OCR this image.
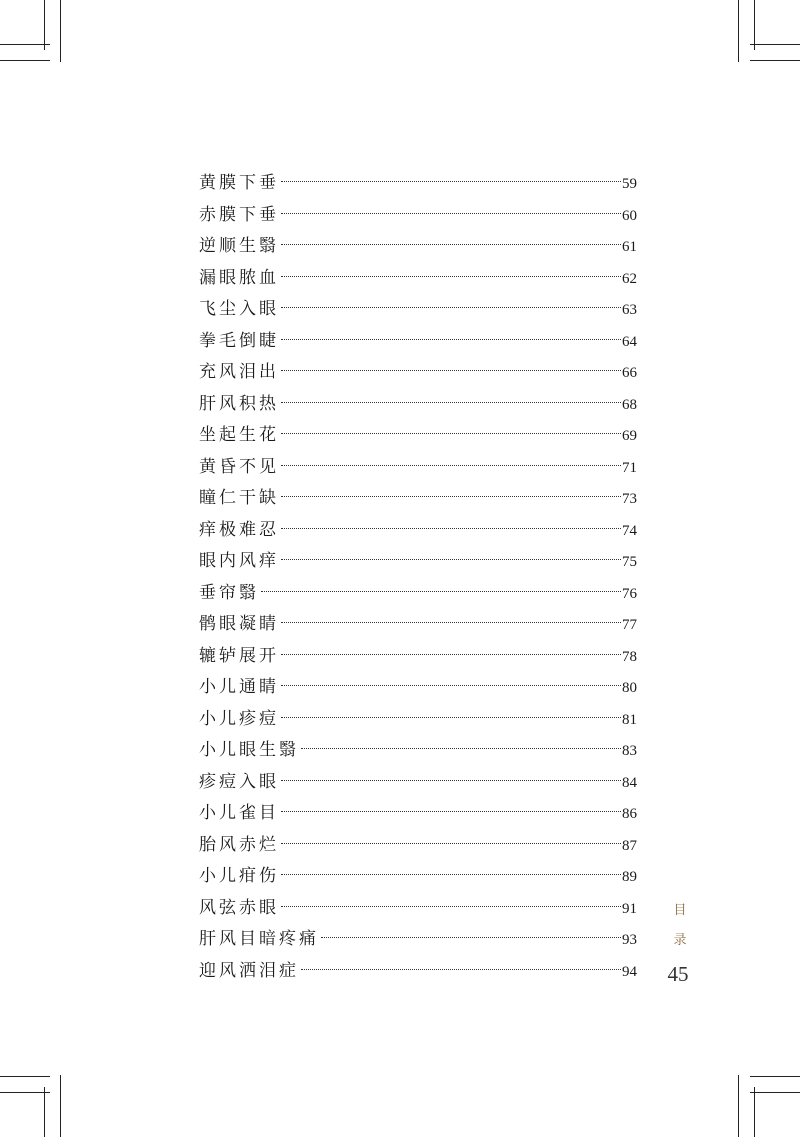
黄膜下垂	59
赤膜下垂	60
逆顺生翳	61
漏眼脓血	62
飞尘入眼	63
拳毛倒睫	64
充风泪出	66
肝风积热	68
坐起生花	69
黄昏不见	71
瞳仁干缺	73
痒极难忍	74
眼内风痒	75
垂帘翳	76
鹘眼凝睛	77
辘轳展开	78
小儿通睛	80
小儿疹痘	81
小儿眼生翳	83
疹痘入眼	84
小儿雀目	86
胎风赤烂	87
小儿疳伤	89
风弦赤眼	91
肝风目暗疼痛	93
迎风洒泪症	94
目
录
45
